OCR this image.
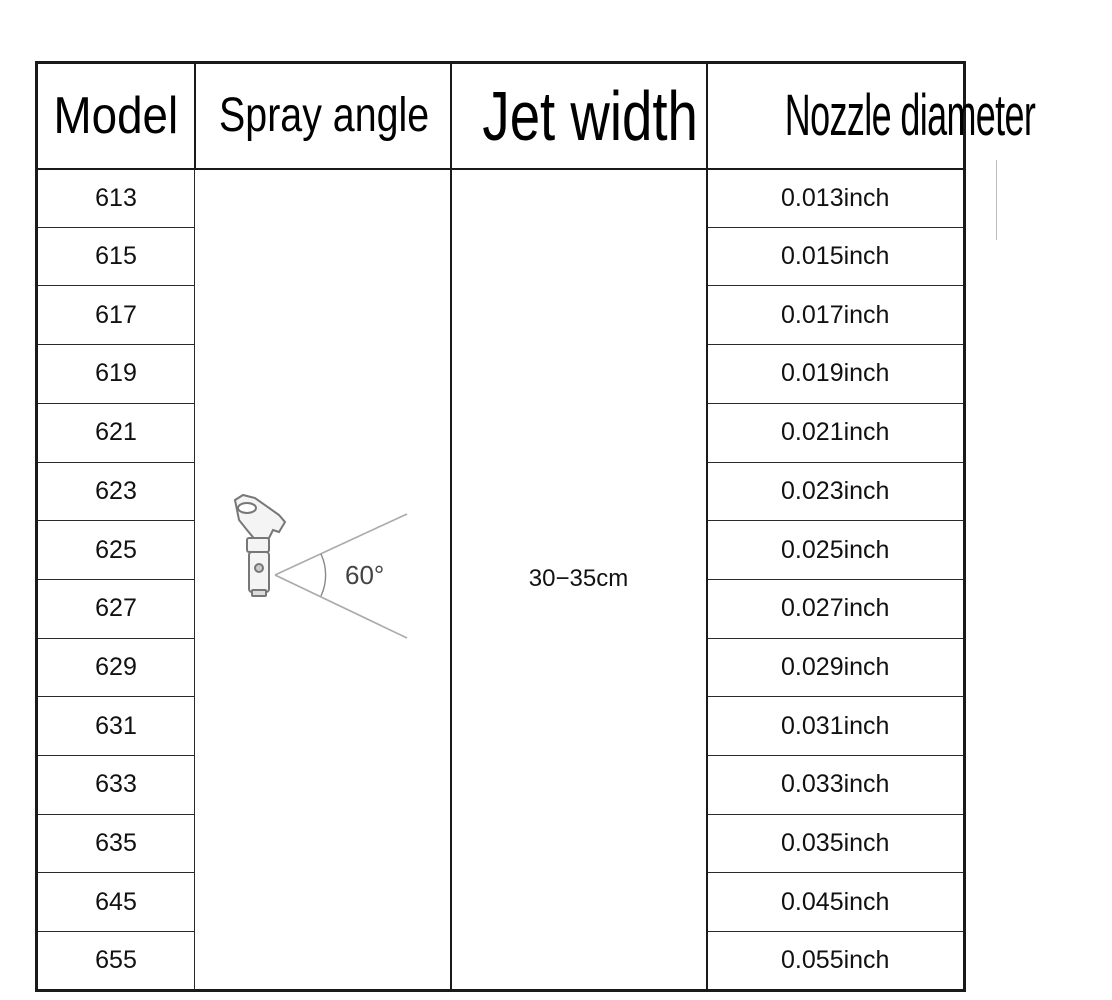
Model	Spray angle	Jet width	Nozzle diameter
613	60°	30−35cm	0.013inch
615			0.015inch
617			0.017inch
619			0.019inch
621			0.021inch
623			0.023inch
625			0.025inch
627			0.027inch
629			0.029inch
631			0.031inch
633			0.033inch
635			0.035inch
645			0.045inch
655			0.055inch
